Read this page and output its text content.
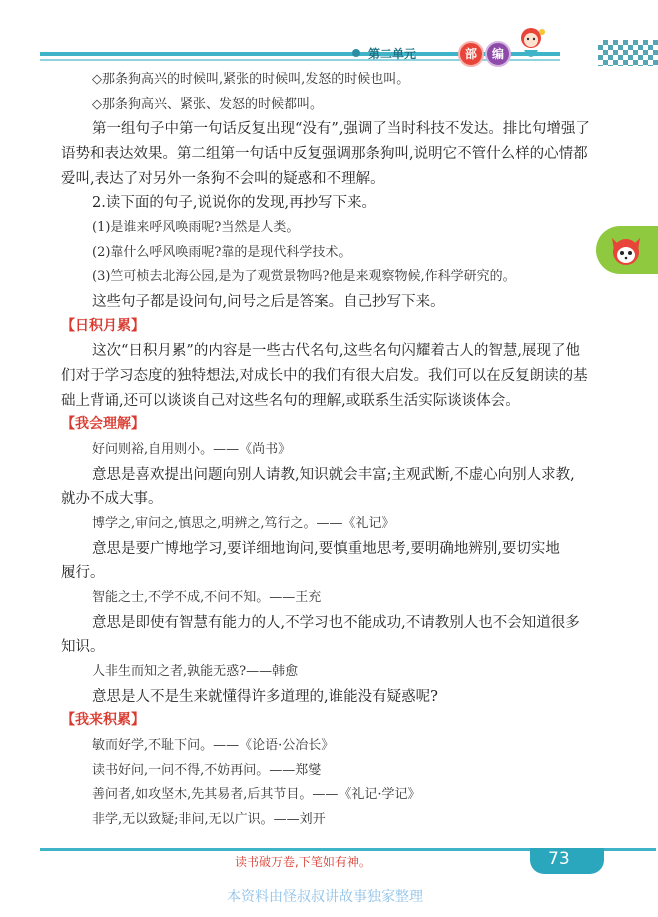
第二单元	部	编
◇那条狗高兴的时候叫,紧张的时候叫,发怒的时候也叫。
◇那条狗高兴、紧张、发怒的时候都叫。
第一组句子中第一句话反复出现“没有”,强调了当时科技不发达。排比句增强了
语势和表达效果。第二组第一句话中反复强调那条狗叫,说明它不管什么样的心情都
爱叫,表达了对另外一条狗不会叫的疑惑和不理解。
2.读下面的句子,说说你的发现,再抄写下来。
(1)是谁来呼风唤雨呢?当然是人类。
(2)靠什么呼风唤雨呢?靠的是现代科学技术。
(3)竺可桢去北海公园,是为了观赏景物吗?他是来观察物候,作科学研究的。
这些句子都是设问句,问号之后是答案。自己抄写下来。
【日积月累】
这次“日积月累”的内容是一些古代名句,这些名句闪耀着古人的智慧,展现了他
们对于学习态度的独特想法,对成长中的我们有很大启发。我们可以在反复朗读的基
础上背诵,还可以谈谈自己对这些名句的理解,或联系生活实际谈谈体会。
【我会理解】
好问则裕,自用则小。——《尚书》
意思是喜欢提出问题向别人请教,知识就会丰富;主观武断,不虚心向别人求教,
就办不成大事。
博学之,审问之,慎思之,明辨之,笃行之。——《礼记》
意思是要广博地学习,要详细地询问,要慎重地思考,要明确地辨别,要切实地
履行。
智能之士,不学不成,不问不知。——王充
意思是即使有智慧有能力的人,不学习也不能成功,不请教别人也不会知道很多
知识。
人非生而知之者,孰能无惑?——韩愈
意思是人不是生来就懂得许多道理的,谁能没有疑惑呢?
【我来积累】
敏而好学,不耻下问。——《论语·公冶长》
读书好问,一问不得,不妨再问。——郑燮
善问者,如攻坚木,先其易者,后其节目。——《礼记·学记》
非学,无以致疑;非问,无以广识。——刘开
读书破万卷,下笔如有神。	73
本资料由怪叔叔讲故事独家整理
